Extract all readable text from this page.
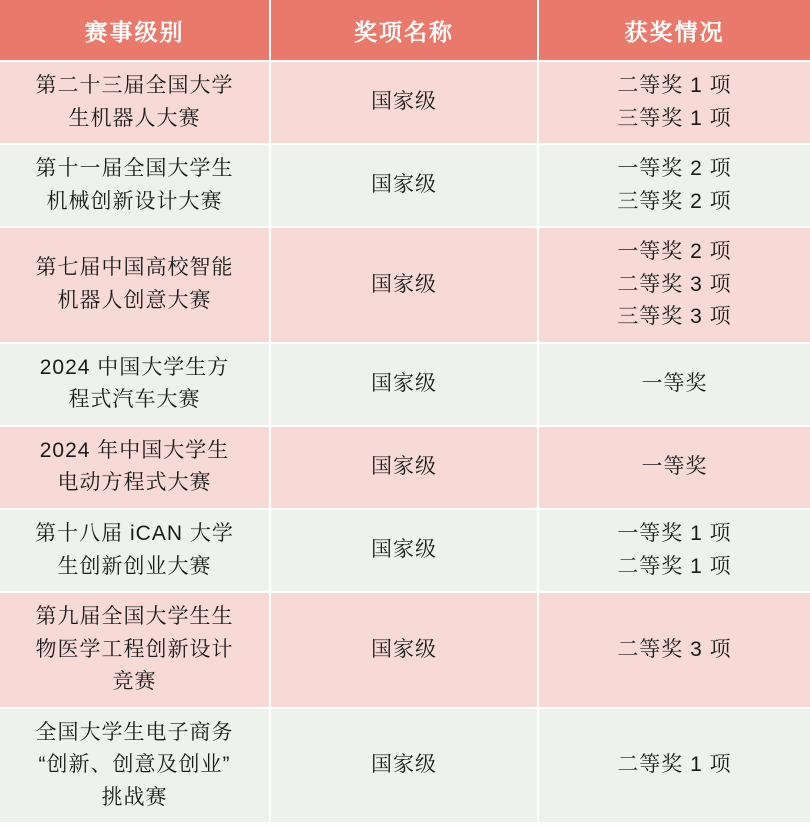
赛事级别	奖项名称	获奖情况

第二十三届全国大学
生机器人大赛	国家级	二等奖 1 项
三等奖 1 项

第十一届全国大学生
机械创新设计大赛	国家级	一等奖 2 项
三等奖 2 项

第七届中国高校智能
机器人创意大赛	国家级	一等奖 2 项
二等奖 3 项
三等奖 3 项

2024 中国大学生方
程式汽车大赛	国家级	一等奖

2024 年中国大学生
电动方程式大赛	国家级	一等奖

第十八届 iCAN 大学
生创新创业大赛	国家级	一等奖 1 项
二等奖 1 项

第九届全国大学生生
物医学工程创新设计
竞赛	国家级	二等奖 3 项

全国大学生电子商务
“创新、创意及创业”
挑战赛	国家级	二等奖 1 项
